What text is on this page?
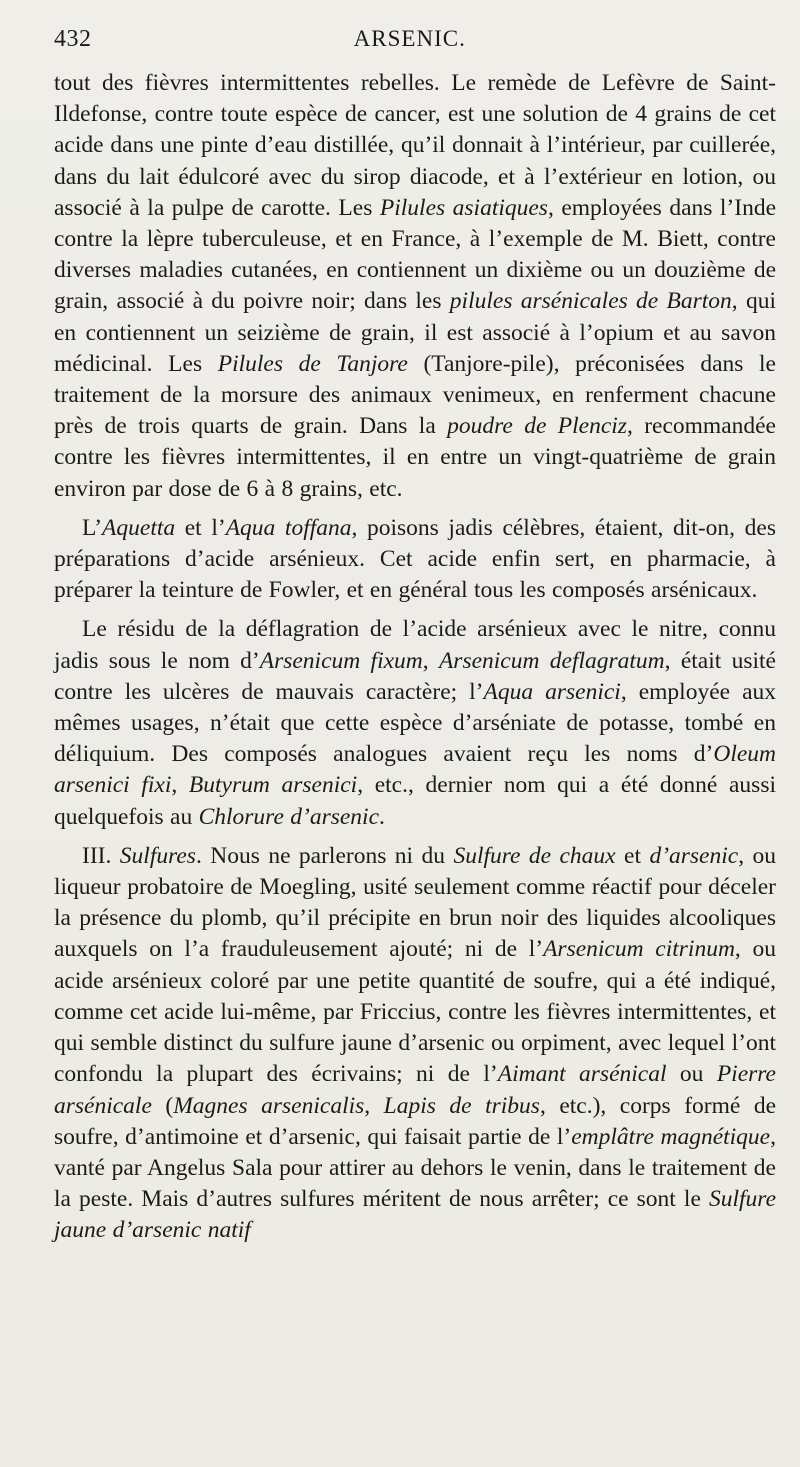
432	ARSENIC.

tout des fièvres intermittentes rebelles. Le remède de Lefèvre de Saint-Ildefonse, contre toute espèce de cancer, est une solution de 4 grains de cet acide dans une pinte d’eau distillée, qu’il donnait à l’intérieur, par cuillerée, dans du lait édulcoré avec du sirop diacode, et à l’extérieur en lotion, ou associé à la pulpe de carotte. Les Pilules asiatiques, employées dans l’Inde contre la lèpre tuberculeuse, et en France, à l’exemple de M. Biett, contre diverses maladies cutanées, en contiennent un dixième ou un douzième de grain, associé à du poivre noir; dans les pilules arsénicales de Barton, qui en contiennent un seizième de grain, il est associé à l’opium et au savon médicinal. Les Pilules de Tanjore (Tanjore-pile), préconisées dans le traitement de la morsure des animaux venimeux, en renferment chacune près de trois quarts de grain. Dans la poudre de Plenciz, recommandée contre les fièvres intermittentes, il en entre un vingt-quatrième de grain environ par dose de 6 à 8 grains, etc.

L’Aquetta et l’Aqua toffana, poisons jadis célèbres, étaient, dit-on, des préparations d’acide arsénieux. Cet acide enfin sert, en pharmacie, à préparer la teinture de Fowler, et en général tous les composés arsénicaux.

Le résidu de la déflagration de l’acide arsénieux avec le nitre, connu jadis sous le nom d’Arsenicum fixum, Arsenicum deflagratum, était usité contre les ulcères de mauvais caractère; l’Aqua arsenici, employée aux mêmes usages, n’était que cette espèce d’arséniate de potasse, tombé en déliquium. Des composés analogues avaient reçu les noms d’Oleum arsenici fixi, Butyrum arsenici, etc., dernier nom qui a été donné aussi quelquefois au Chlorure d’arsenic.

III. Sulfures. Nous ne parlerons ni du Sulfure de chaux et d’arsenic, ou liqueur probatoire de Moegling, usité seulement comme réactif pour déceler la présence du plomb, qu’il précipite en brun noir des liquides alcooliques auxquels on l’a frauduleusement ajouté; ni de l’Arsenicum citrinum, ou acide arsénieux coloré par une petite quantité de soufre, qui a été indiqué, comme cet acide lui-même, par Friccius, contre les fièvres intermittentes, et qui semble distinct du sulfure jaune d’arsenic ou orpiment, avec lequel l’ont confondu la plupart des écrivains; ni de l’Aimant arsénical ou Pierre arsénicale (Magnes arsenicalis, Lapis de tribus, etc.), corps formé de soufre, d’antimoine et d’arsenic, qui faisait partie de l’emplâtre magnétique, vanté par Angelus Sala pour attirer au dehors le venin, dans le traitement de la peste. Mais d’autres sulfures méritent de nous arrêter; ce sont le Sulfure jaune d’arsenic natif
